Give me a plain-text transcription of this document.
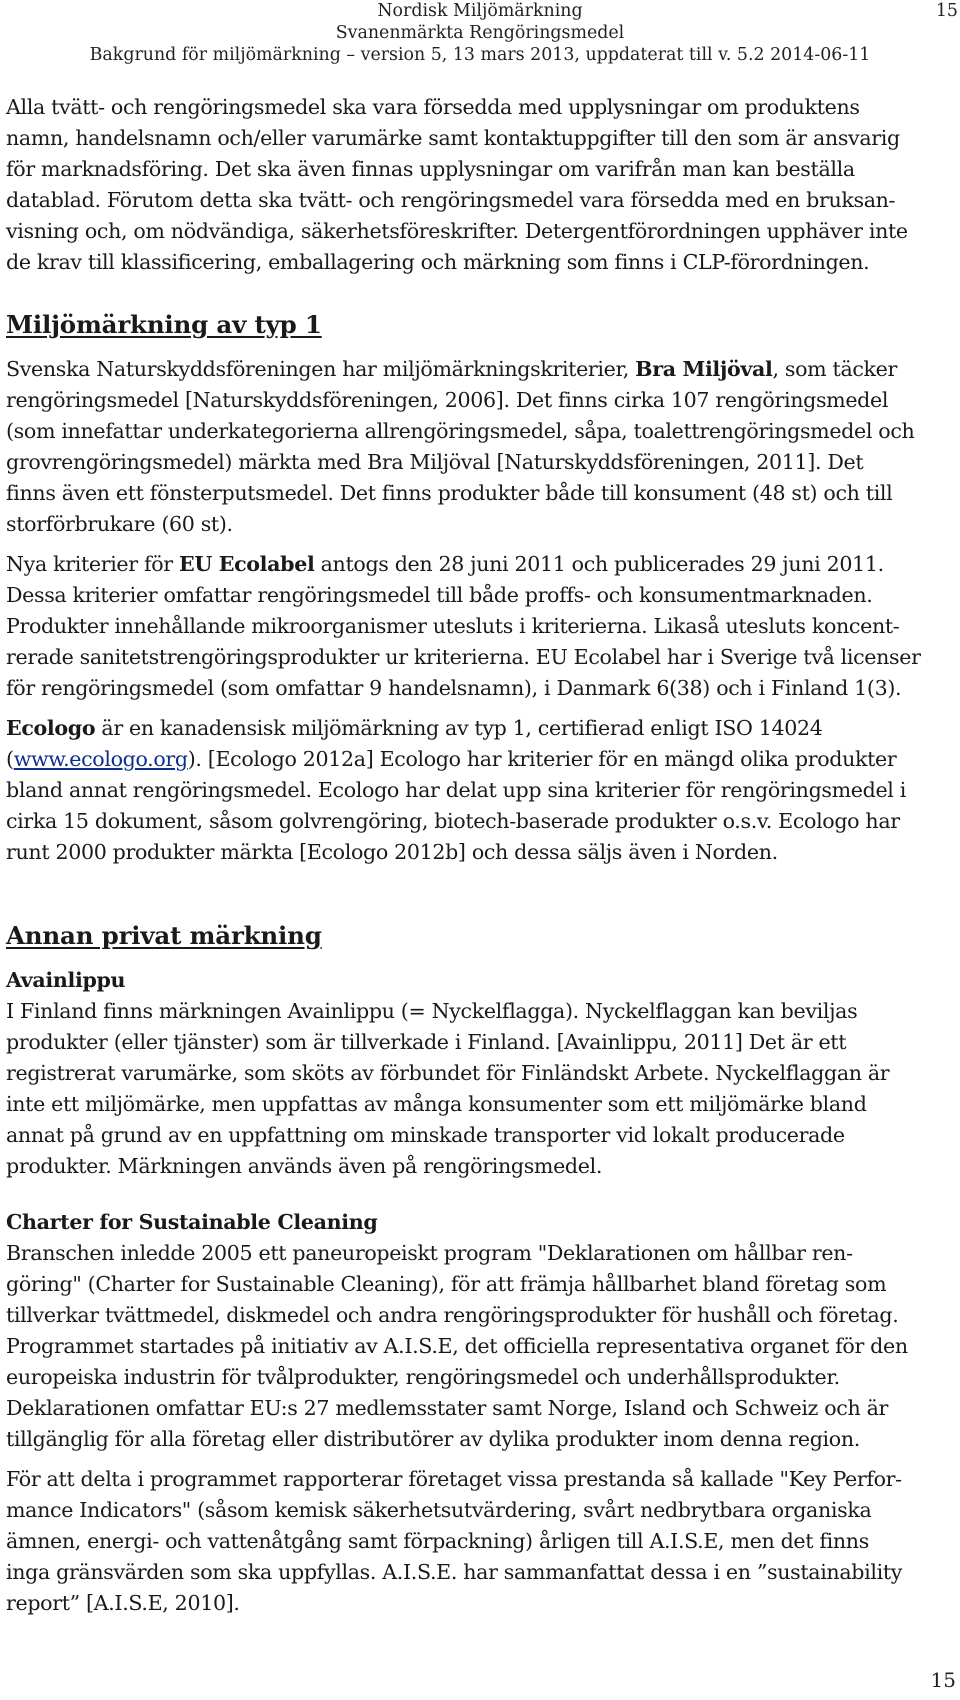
Nordisk Miljömärkning
Svanenmärkta Rengöringsmedel
Bakgrund för miljömärkning – version 5, 13 mars 2013, uppdaterat till v. 5.2 2014-06-11
15

Alla tvätt- och rengöringsmedel ska vara försedda med upplysningar om produktens
namn, handelsnamn och/eller varumärke samt kontaktuppgifter till den som är ansvarig
för marknadsföring. Det ska även finnas upplysningar om varifrån man kan beställa
datablad. Förutom detta ska tvätt- och rengöringsmedel vara försedda med en bruksan-
visning och, om nödvändiga, säkerhetsföreskrifter. Detergentförordningen upphäver inte
de krav till klassificering, emballagering och märkning som finns i CLP-förordningen.

Miljömärkning av typ 1

Svenska Naturskyddsföreningen har miljömärkningskriterier, Bra Miljöval, som täcker
rengöringsmedel [Naturskyddsföreningen, 2006]. Det finns cirka 107 rengöringsmedel
(som innefattar underkategorierna allrengöringsmedel, såpa, toalettrengöringsmedel och
grovrengöringsmedel) märkta med Bra Miljöval [Naturskyddsföreningen, 2011]. Det
finns även ett fönsterputsmedel. Det finns produkter både till konsument (48 st) och till
storförbrukare (60 st).

Nya kriterier för EU Ecolabel antogs den 28 juni 2011 och publicerades 29 juni 2011.
Dessa kriterier omfattar rengöringsmedel till både proffs- och konsumentmarknaden.
Produkter innehållande mikroorganismer utesluts i kriterierna. Likaså utesluts koncent-
rerade sanitetstrengöringsprodukter ur kriterierna. EU Ecolabel har i Sverige två licenser
för rengöringsmedel (som omfattar 9 handelsnamn), i Danmark 6(38) och i Finland 1(3).

Ecologo är en kanadensisk miljömärkning av typ 1, certifierad enligt ISO 14024
(www.ecologo.org). [Ecologo 2012a] Ecologo har kriterier för en mängd olika produkter
bland annat rengöringsmedel. Ecologo har delat upp sina kriterier för rengöringsmedel i
cirka 15 dokument, såsom golvrengöring, biotech-baserade produkter o.s.v. Ecologo har
runt 2000 produkter märkta [Ecologo 2012b] och dessa säljs även i Norden.

Annan privat märkning
Avainlippu

I Finland finns märkningen Avainlippu (= Nyckelflagga). Nyckelflaggan kan beviljas
produkter (eller tjänster) som är tillverkade i Finland. [Avainlippu, 2011] Det är ett
registrerat varumärke, som sköts av förbundet för Finländskt Arbete. Nyckelflaggan är
inte ett miljömärke, men uppfattas av många konsumenter som ett miljömärke bland
annat på grund av en uppfattning om minskade transporter vid lokalt producerade
produkter. Märkningen används även på rengöringsmedel.

Charter for Sustainable Cleaning

Branschen inledde 2005 ett paneuropeiskt program "Deklarationen om hållbar ren-
göring" (Charter for Sustainable Cleaning), för att främja hållbarhet bland företag som
tillverkar tvättmedel, diskmedel och andra rengöringsprodukter för hushåll och företag.
Programmet startades på initiativ av A.I.S.E, det officiella representativa organet för den
europeiska industrin för tvålprodukter, rengöringsmedel och underhållsprodukter.
Deklarationen omfattar EU:s 27 medlemsstater samt Norge, Island och Schweiz och är
tillgänglig för alla företag eller distributörer av dylika produkter inom denna region.

För att delta i programmet rapporterar företaget vissa prestanda så kallade "Key Perfor-
mance Indicators" (såsom kemisk säkerhetsutvärdering, svårt nedbrytbara organiska
ämnen, energi- och vattenåtgång samt förpackning) årligen till A.I.S.E, men det finns
inga gränsvärden som ska uppfyllas. A.I.S.E. har sammanfattat dessa i en ”sustainability
report” [A.I.S.E, 2010].

15
